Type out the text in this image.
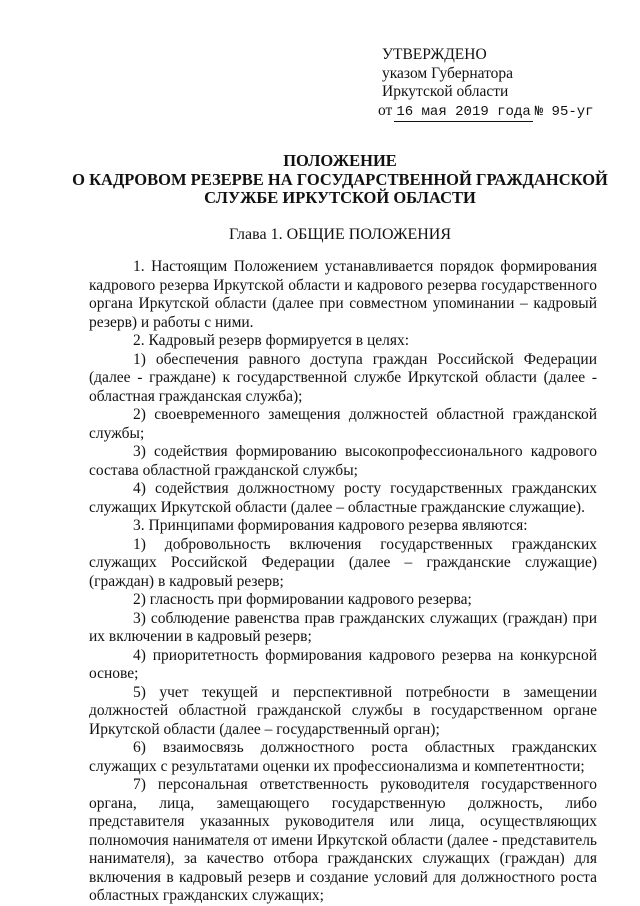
УТВЕРЖДЕНО
указом Губернатора
Иркутской области
от 16 мая 2019 года № 95-уг
ПОЛОЖЕНИЕ
О КАДРОВОМ РЕЗЕРВЕ НА ГОСУДАРСТВЕННОЙ ГРАЖДАНСКОЙ
СЛУЖБЕ ИРКУТСКОЙ ОБЛАСТИ
Глава 1. ОБЩИЕ ПОЛОЖЕНИЯ

1. Настоящим Положением устанавливается порядок формирования кадрового резерва Иркутской области и кадрового резерва государственного органа Иркутской области (далее при совместном упоминании – кадровый резерв) и работы с ними.

2. Кадровый резерв формируется в целях:

1) обеспечения равного доступа граждан Российской Федерации (далее - граждане) к государственной службе Иркутской области (далее - областная гражданская служба);

2) своевременного замещения должностей областной гражданской службы;

3) содействия формированию высокопрофессионального кадрового состава областной гражданской службы;

4) содействия должностному росту государственных гражданских служащих Иркутской области (далее – областные гражданские служащие).

3. Принципами формирования кадрового резерва являются:

1) добровольность включения государственных гражданских служащих Российской Федерации (далее – гражданские служащие) (граждан) в кадровый резерв;

2) гласность при формировании кадрового резерва;

3) соблюдение равенства прав гражданских служащих (граждан) при их включении в кадровый резерв;

4) приоритетность формирования кадрового резерва на конкурсной основе;

5) учет текущей и перспективной потребности в замещении должностей областной гражданской службы в государственном органе Иркутской области (далее – государственный орган);

6) взаимосвязь должностного роста областных гражданских служащих с результатами оценки их профессионализма и компетентности;

7) персональная ответственность руководителя государственного органа, лица, замещающего государственную должность, либо представителя указанных руководителя или лица, осуществляющих полномочия нанимателя от имени Иркутской области (далее - представитель нанимателя), за качество отбора гражданских служащих (граждан) для включения в кадровый резерв и создание условий для должностного роста областных гражданских служащих;
